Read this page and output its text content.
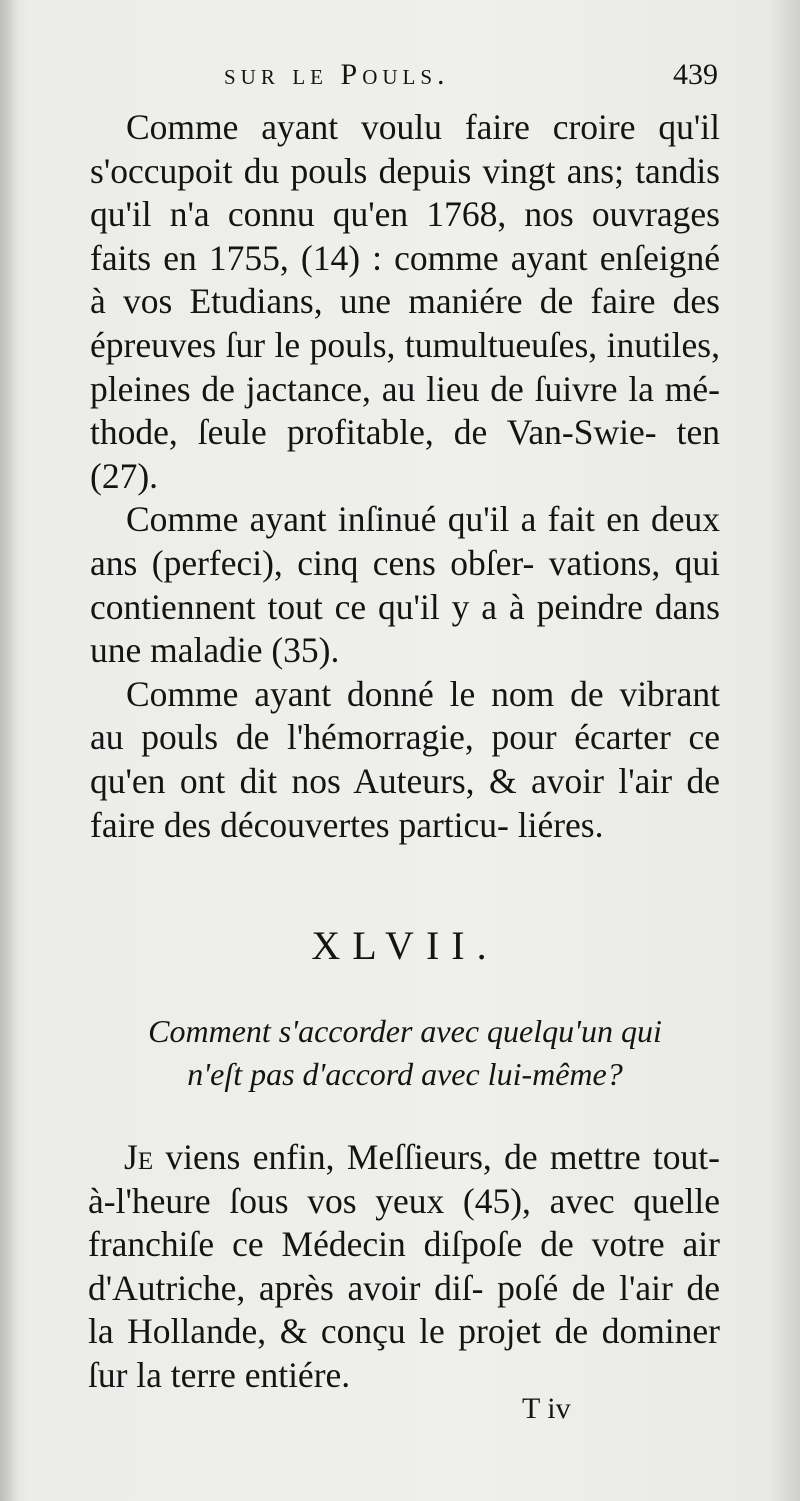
sur le Pouls.	439

Comme ayant voulu faire croire qu'il s'occupoit du pouls depuis vingt ans; tandis qu'il n'a connu qu'en 1768, nos ouvrages faits en 1755, (14) : comme ayant enſeigné à vos Etudians, une maniére de faire des épreuves ſur le pouls, tumultueuſes, inutiles, pleines de jactance, au lieu de ſuivre la mé- thode, ſeule profitable, de Van-Swie- ten (27).

Comme ayant inſinué qu'il a fait en deux ans (perfeci), cinq cens obſer- vations, qui contiennent tout ce qu'il y a à peindre dans une maladie (35).

Comme ayant donné le nom de vibrant au pouls de l'hémorragie, pour écarter ce qu'en ont dit nos Auteurs, & avoir l'air de faire des découvertes particu- liéres.

XLVII.
Comment s'accorder avec quelqu'un qui
n'eſt pas d'accord avec lui-même?

Je viens enfin, Meſſieurs, de mettre tout-à-l'heure ſous vos yeux (45), avec quelle franchiſe ce Médecin diſpoſe de votre air d'Autriche, après avoir diſ- poſé de l'air de la Hollande, & conçu le projet de dominer ſur la terre entiére.

T iv
